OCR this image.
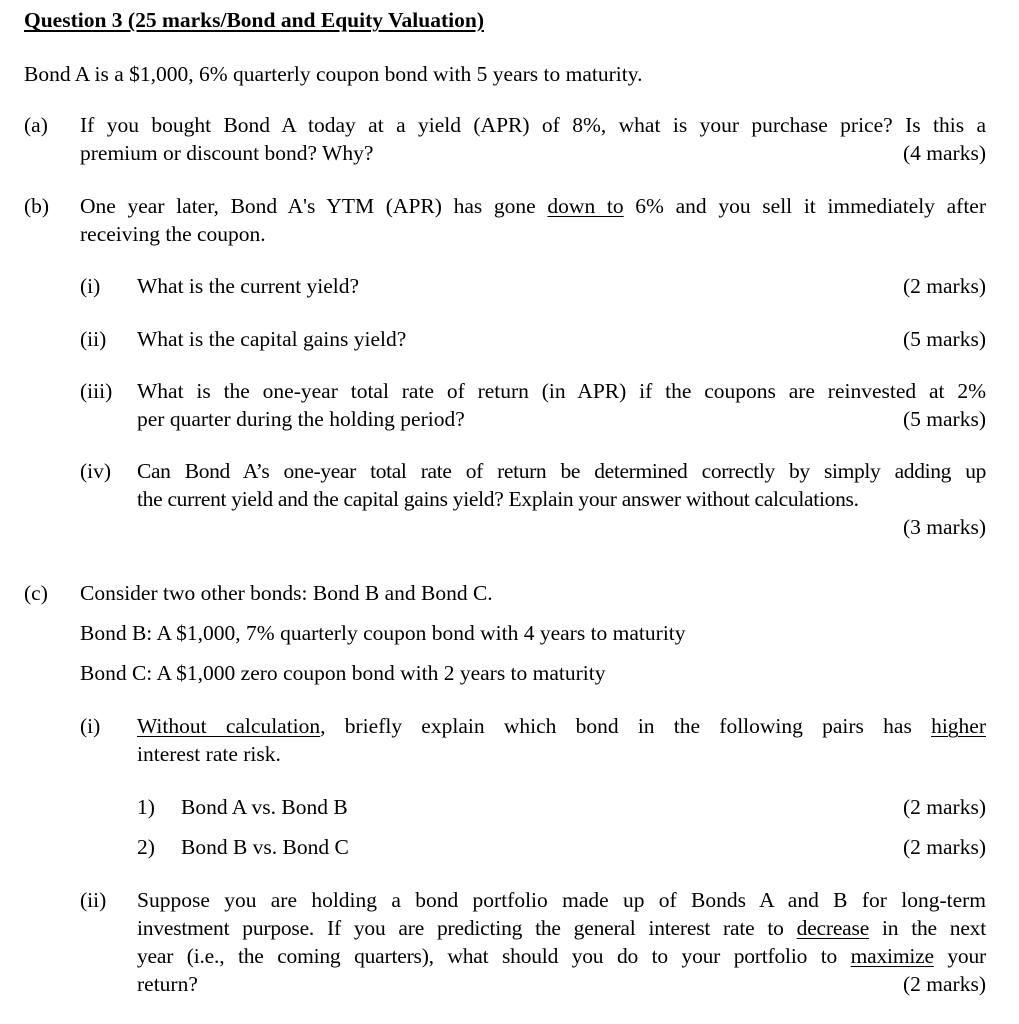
Question 3 (25 marks/Bond and Equity Valuation)
Bond A is a $1,000, 6% quarterly coupon bond with 5 years to maturity.
(a) If you bought Bond A today at a yield (APR) of 8%, what is your purchase price? Is this a
premium or discount bond? Why?	(4 marks)
(b) One year later, Bond A's YTM (APR) has gone down to 6% and you sell it immediately after
receiving the coupon.
(i) What is the current yield?	(2 marks)
(ii) What is the capital gains yield?	(5 marks)
(iii) What is the one-year total rate of return (in APR) if the coupons are reinvested at 2%
per quarter during the holding period?	(5 marks)
(iv) Can Bond A’s one-year total rate of return be determined correctly by simply adding up
the current yield and the capital gains yield? Explain your answer without calculations.
(3 marks)
(c) Consider two other bonds: Bond B and Bond C.
Bond B: A $1,000, 7% quarterly coupon bond with 4 years to maturity
Bond C: A $1,000 zero coupon bond with 2 years to maturity
(i) Without calculation, briefly explain which bond in the following pairs has higher
interest rate risk.
1) Bond A vs. Bond B	(2 marks)
2) Bond B vs. Bond C	(2 marks)
(ii) Suppose you are holding a bond portfolio made up of Bonds A and B for long-term
investment purpose. If you are predicting the general interest rate to decrease in the next
year (i.e., the coming quarters), what should you do to your portfolio to maximize your
return?	(2 marks)
